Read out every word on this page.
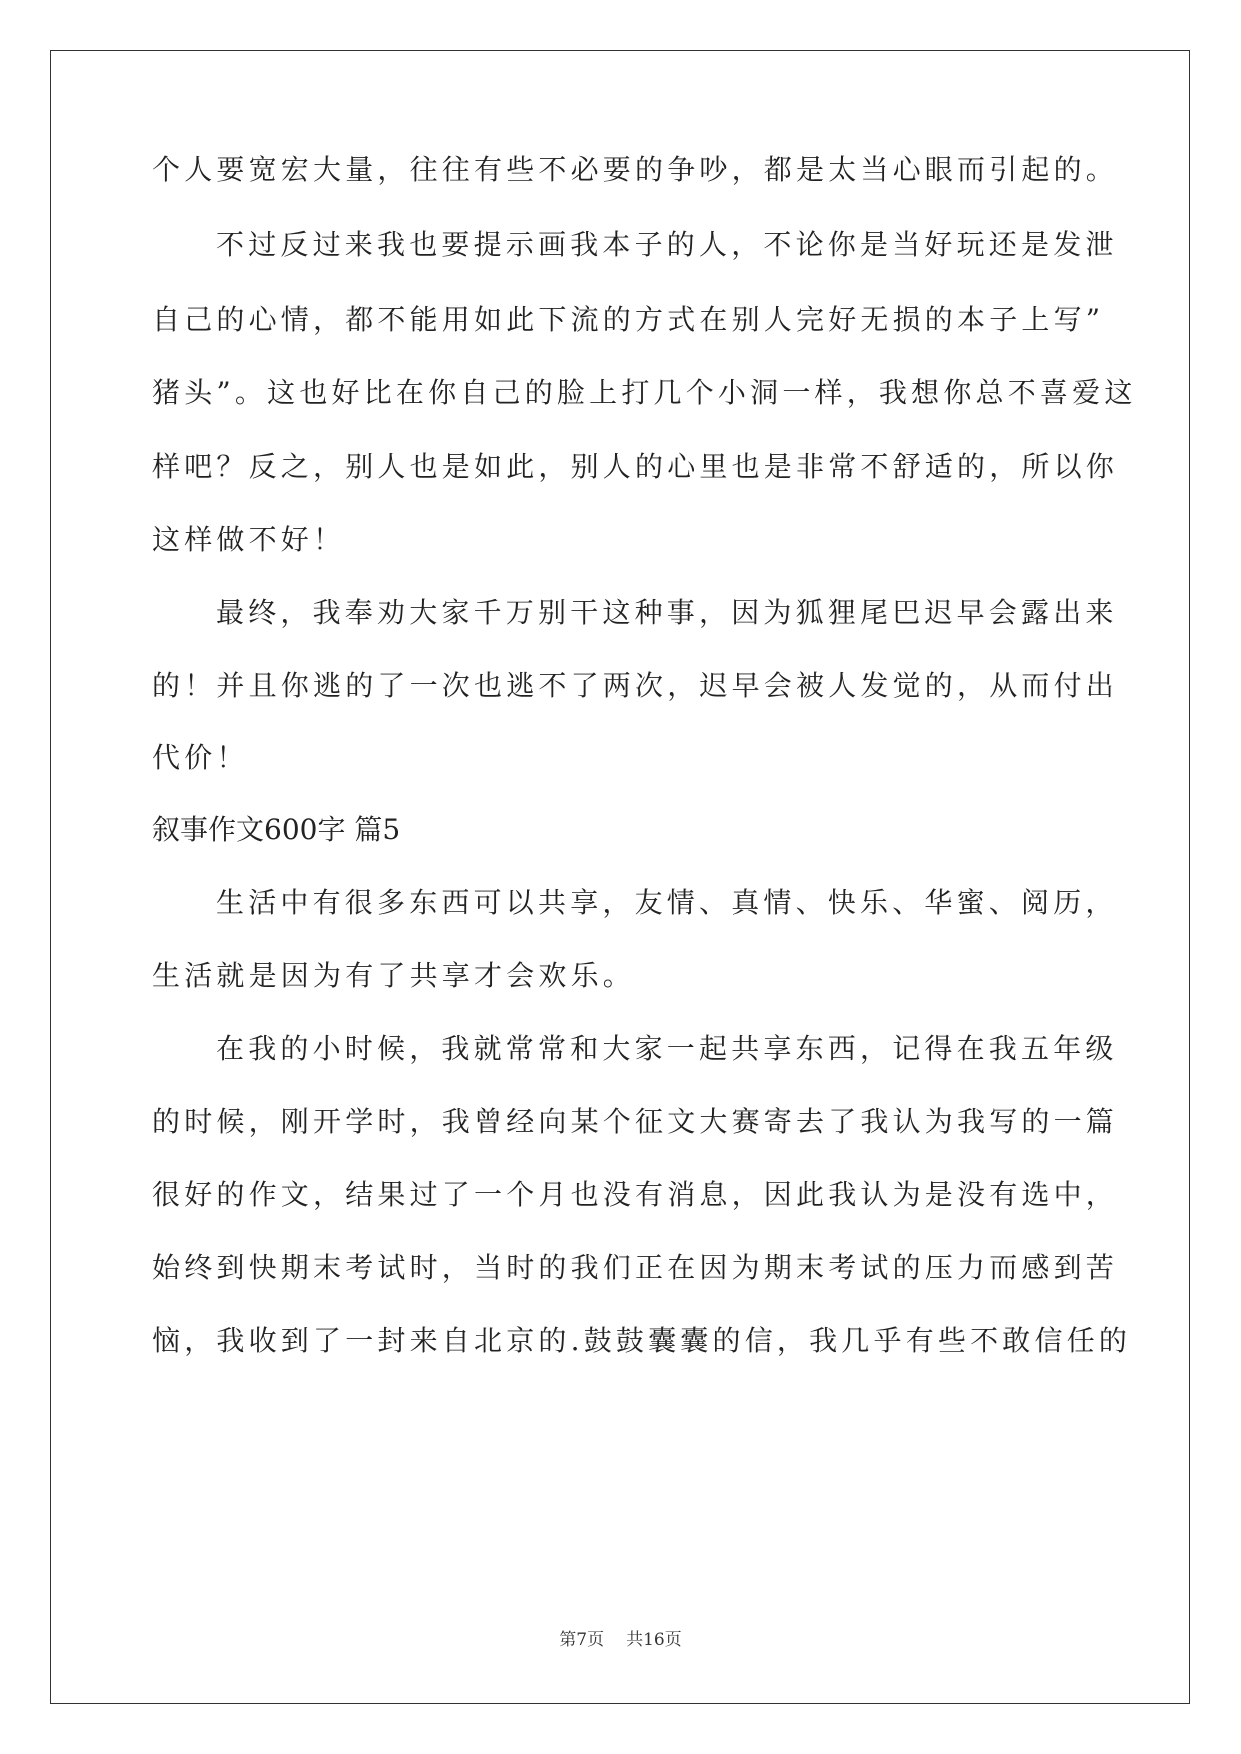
个人要宽宏大量，往往有些不必要的争吵，都是太当心眼而引起的。
不过反过来我也要提示画我本子的人，不论你是当好玩还是发泄
自己的心情，都不能用如此下流的方式在别人完好无损的本子上写”
猪头”。这也好比在你自己的脸上打几个小洞一样，我想你总不喜爱这
样吧？反之，别人也是如此，别人的心里也是非常不舒适的，所以你
这样做不好！
最终，我奉劝大家千万别干这种事，因为狐狸尾巴迟早会露出来
的！并且你逃的了一次也逃不了两次，迟早会被人发觉的，从而付出
代价！
叙事作文600字 篇5
生活中有很多东西可以共享，友情、真情、快乐、华蜜、阅历，
生活就是因为有了共享才会欢乐。
在我的小时候，我就常常和大家一起共享东西，记得在我五年级
的时候，刚开学时，我曾经向某个征文大赛寄去了我认为我写的一篇
很好的作文，结果过了一个月也没有消息，因此我认为是没有选中，
始终到快期末考试时，当时的我们正在因为期末考试的压力而感到苦
恼，我收到了一封来自北京的.鼓鼓囊囊的信，我几乎有些不敢信任的
第7页 共16页
